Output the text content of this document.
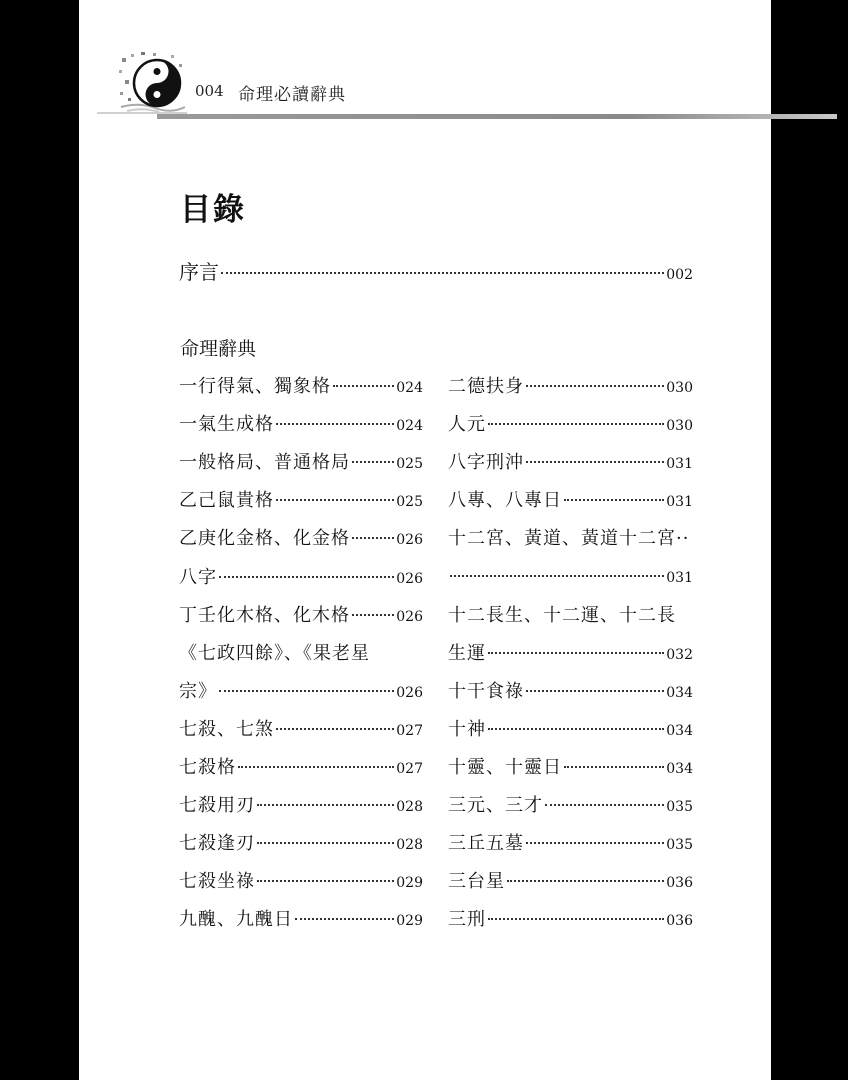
004 命理必讀辭典
目錄
序言	002
命理辭典
一行得氣、獨象格	024
一氣生成格	024
一般格局、普通格局	025
乙己鼠貴格	025
乙庚化金格、化金格	026
八字	026
丁壬化木格、化木格	026
《七政四餘》、《果老星
宗》	026
七殺、七煞	027
七殺格	027
七殺用刃	028
七殺逢刃	028
七殺坐祿	029
九醜、九醜日	029
二德扶身	030
人元	030
八字刑沖	031
八專、八專日	031
十二宮、黃道、黃道十二宮··
031
十二長生、十二運、十二長
生運	032
十干食祿	034
十神	034
十靈、十靈日	034
三元、三才	035
三丘五墓	035
三台星	036
三刑	036
